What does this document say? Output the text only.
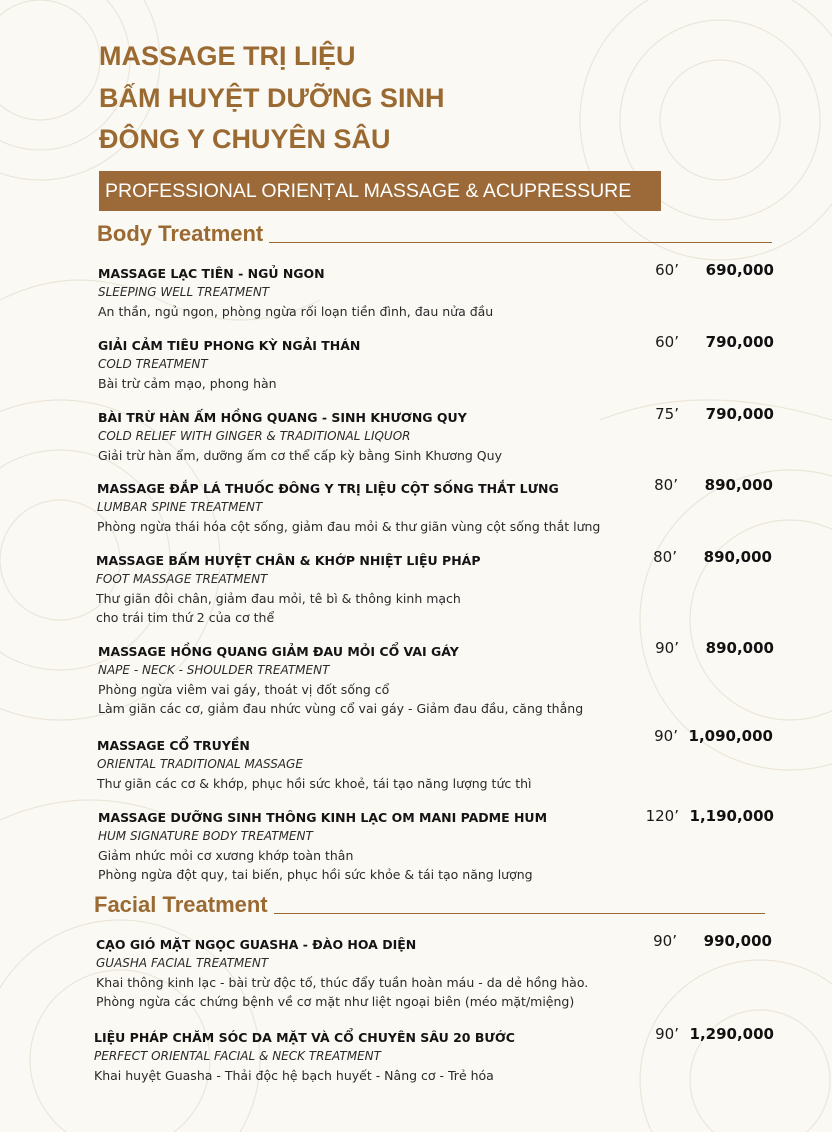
MASSAGE TRỊ LIỆU
BẤM HUYỆT DƯỠNG SINH
ĐÔNG Y CHUYÊN SÂU
PROFESSIONAL ORIENṬAL MASSAGE & ACUPRESSURE
Body Treatment
MASSAGE LẠC TIÊN - NGỦ NGON
SLEEPING WELL TREATMENT
An thần, ngủ ngon, phòng ngừa rối loạn tiền đình, đau nửa đầu
60’	690,000
GIẢI CẢM TIÊU PHONG KỲ NGẢI THÁN
COLD TREATMENT
Bài trừ cảm mạo, phong hàn
60’	790,000
BÀI TRỪ HÀN ẤM HỒNG QUANG - SINH KHƯƠNG QUY
COLD RELIEF WITH GINGER & TRADITIONAL LIQUOR
Giải trừ hàn ẩm, dưỡng ấm cơ thể cấp kỳ bằng Sinh Khương Quy
75’	790,000
MASSAGE ĐẮP LÁ THUỐC ĐÔNG Y TRỊ LIỆU CỘT SỐNG THẮT LƯNG
LUMBAR SPINE TREATMENT
Phòng ngừa thái hóa cột sống, giảm đau mỏi & thư giãn vùng cột sống thắt lưng
80’	890,000
MASSAGE BẤM HUYỆT CHÂN & KHỚP NHIỆT LIỆU PHÁP
FOOT MASSAGE TREATMENT
Thư giãn đôi chân, giảm đau mỏi, tê bì & thông kinh mạch
cho trái tim thứ 2 của cơ thể
80’	890,000
MASSAGE HỒNG QUANG GIẢM ĐAU MỎI CỔ VAI GÁY
NAPE - NECK - SHOULDER TREATMENT
Phòng ngừa viêm vai gáy, thoát vị đốt sống cổ
Làm giãn các cơ, giảm đau nhức vùng cổ vai gáy - Giảm đau đầu, căng thẳng
90’	890,000
MASSAGE CỔ TRUYỀN
ORIENTAL TRADITIONAL MASSAGE
Thư giãn các cơ & khớp, phục hồi sức khoẻ, tái tạo năng lượng tức thì
90’ 1,090,000
MASSAGE DƯỠNG SINH THÔNG KINH LẠC OM MANI PADME HUM
HUM SIGNATURE BODY TREATMENT
Giảm nhức mỏi cơ xương khớp toàn thân
Phòng ngừa đột quy, tai biến, phục hồi sức khỏe & tái tạo năng lượng
120’ 1,190,000
Facial Treatment
CẠO GIÓ MẶT NGỌC GUASHA - ĐÀO HOA DIỆN
GUASHA FACIAL TREATMENT
Khai thông kinh lạc - bài trừ độc tố, thúc đẩy tuần hoàn máu - da dẻ hồng hào.
Phòng ngừa các chứng bệnh về cơ mặt như liệt ngoại biên (méo mặt/miệng)
90’	990,000
LIỆU PHÁP CHĂM SÓC DA MẶT VÀ CỔ CHUYÊN SÂU 20 BƯỚC
PERFECT ORIENTAL FACIAL & NECK TREATMENT
Khai huyệt Guasha - Thải độc hệ bạch huyết - Nâng cơ - Trẻ hóa
90’ 1,290,000
